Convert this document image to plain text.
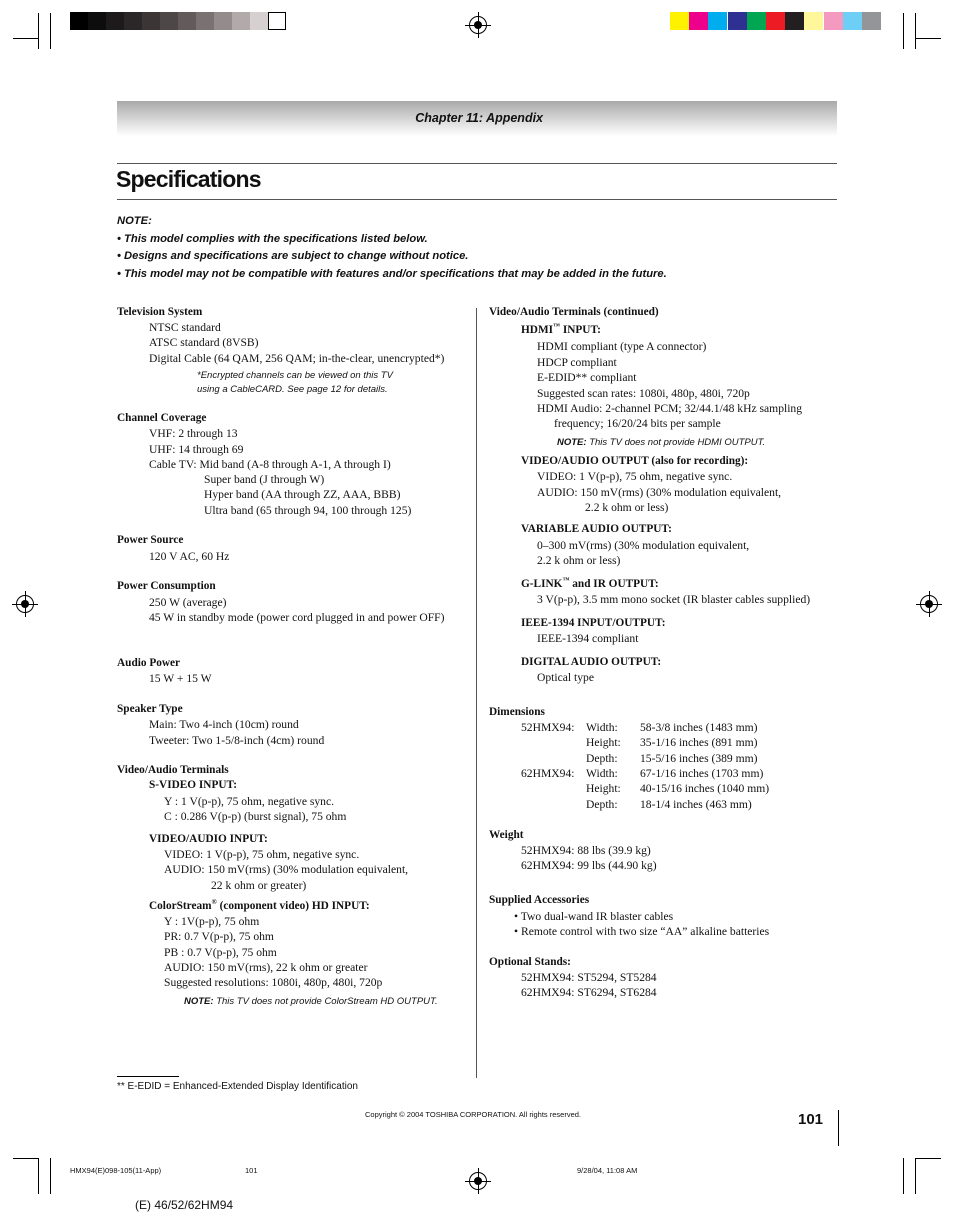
Chapter 11: Appendix
Specifications
NOTE:
• This model complies with the specifications listed below.
• Designs and specifications are subject to change without notice.
• This model may not be compatible with features and/or specifications that may be added in the future.
Television System
NTSC standard
ATSC standard (8VSB)
Digital Cable (64 QAM, 256 QAM; in-the-clear, unencrypted*)
*Encrypted channels can be viewed on this TV
using a CableCARD. See page 12 for details.
Channel Coverage
VHF: 2 through 13
UHF: 14 through 69
Cable TV: Mid band (A-8 through A-1, A through I)
Super band (J through W)
Hyper band (AA through ZZ, AAA, BBB)
Ultra band (65 through 94, 100 through 125)
Power Source
120 V AC, 60 Hz
Power Consumption
250 W (average)
45 W in standby mode (power cord plugged in and power OFF)
Audio Power
15 W + 15 W
Speaker Type
Main: Two 4-inch (10cm) round
Tweeter: Two 1-5/8-inch (4cm) round
Video/Audio Terminals
S-VIDEO INPUT:
Y : 1 V(p-p), 75 ohm, negative sync.
C : 0.286 V(p-p) (burst signal), 75 ohm
VIDEO/AUDIO INPUT:
VIDEO: 1 V(p-p), 75 ohm, negative sync.
AUDIO: 150 mV(rms) (30% modulation equivalent,
22 k ohm or greater)
ColorStream® (component video) HD INPUT:
Y : 1V(p-p), 75 ohm
PR: 0.7 V(p-p), 75 ohm
PB : 0.7 V(p-p), 75 ohm
AUDIO: 150 mV(rms), 22 k ohm or greater
Suggested resolutions: 1080i, 480p, 480i, 720p
NOTE: This TV does not provide ColorStream HD OUTPUT.
Video/Audio Terminals (continued)
HDMI™ INPUT:
HDMI compliant (type A connector)
HDCP compliant
E-EDID** compliant
Suggested scan rates: 1080i, 480p, 480i, 720p
HDMI Audio: 2-channel PCM; 32/44.1/48 kHz sampling
frequency; 16/20/24 bits per sample
NOTE: This TV does not provide HDMI OUTPUT.
VIDEO/AUDIO OUTPUT (also for recording):
VIDEO: 1 V(p-p), 75 ohm, negative sync.
AUDIO: 150 mV(rms) (30% modulation equivalent,
2.2 k ohm or less)
VARIABLE AUDIO OUTPUT:
0–300 mV(rms) (30% modulation equivalent,
2.2 k ohm or less)
G-LINK™ and IR OUTPUT:
3 V(p-p), 3.5 mm mono socket (IR blaster cables supplied)
IEEE-1394 INPUT/OUTPUT:
IEEE-1394 compliant
DIGITAL AUDIO OUTPUT:
Optical type
Dimensions
52HMX94: Width: 58-3/8 inches (1483 mm)
Height: 35-1/16 inches (891 mm)
Depth: 15-5/16 inches (389 mm)
62HMX94: Width: 67-1/16 inches (1703 mm)
Height: 40-15/16 inches (1040 mm)
Depth: 18-1/4 inches (463 mm)
Weight
52HMX94: 88 lbs (39.9 kg)
62HMX94: 99 lbs (44.90 kg)
Supplied Accessories
• Two dual-wand IR blaster cables
• Remote control with two size “AA” alkaline batteries
Optional Stands:
52HMX94: ST5294, ST5284
62HMX94: ST6294, ST6284
** E-EDID = Enhanced-Extended Display Identification
Copyright © 2004 TOSHIBA CORPORATION. All rights reserved.	101
HMX94(E)098-105(11-App)	101	9/28/04, 11:08 AM
(E) 46/52/62HM94
